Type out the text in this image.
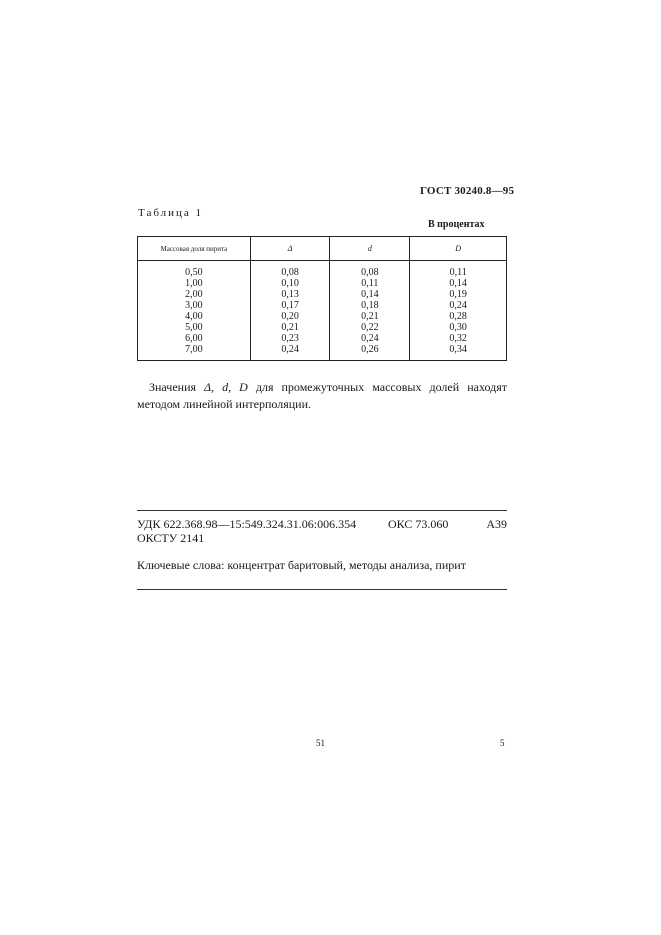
ГОСТ 30240.8—95
Таблица 1
В процентах
Массовая доля пирита	Δ	d	D
0,50	0,08	0,08	0,11
1,00	0,10	0,11	0,14
2,00	0,13	0,14	0,19
3,00	0,17	0,18	0,24
4,00	0,20	0,21	0,28
5,00	0,21	0,22	0,30
6,00	0,23	0,24	0,32
7,00	0,24	0,26	0,34
Значения Δ, d, D для промежуточных массовых долей находят методом линейной интерполяции.
УДК 622.368.98—15:549.324.31.06:006.354	ОКС 73.060	А39
ОКСТУ 2141
Ключевые слова: концентрат баритовый, методы анализа, пирит
51	5
